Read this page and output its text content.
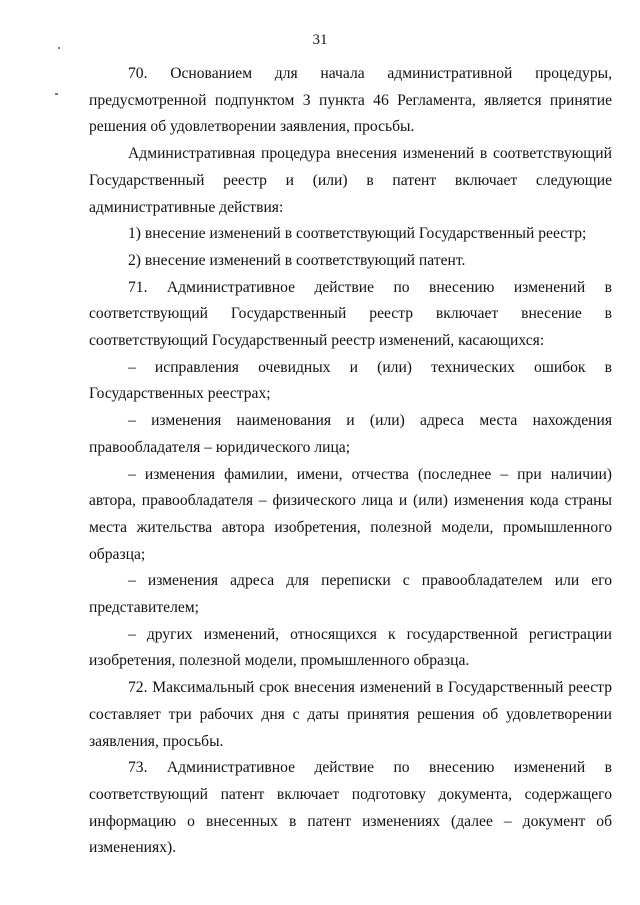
31

70. Основанием для начала административной процедуры, предусмотренной подпунктом 3 пункта 46 Регламента, является принятие решения об удовлетворении заявления, просьбы.

Административная процедура внесения изменений в соответствующий Государственный реестр и (или) в патент включает следующие административные действия:

1) внесение изменений в соответствующий Государственный реестр;

2) внесение изменений в соответствующий патент.

71. Административное действие по внесению изменений в соответствующий Государственный реестр включает внесение в соответствующий Государственный реестр изменений, касающихся:

– исправления очевидных и (или) технических ошибок в Государственных реестрах;

– изменения наименования и (или) адреса места нахождения правообладателя – юридического лица;

– изменения фамилии, имени, отчества (последнее – при наличии) автора, правообладателя – физического лица и (или) изменения кода страны места жительства автора изобретения, полезной модели, промышленного образца;

– изменения адреса для переписки с правообладателем или его представителем;

– других изменений, относящихся к государственной регистрации изобретения, полезной модели, промышленного образца.

72. Максимальный срок внесения изменений в Государственный реестр составляет три рабочих дня с даты принятия решения об удовлетворении заявления, просьбы.

73. Административное действие по внесению изменений в соответствующий патент включает подготовку документа, содержащего информацию о внесенных в патент изменениях (далее – документ об изменениях).
